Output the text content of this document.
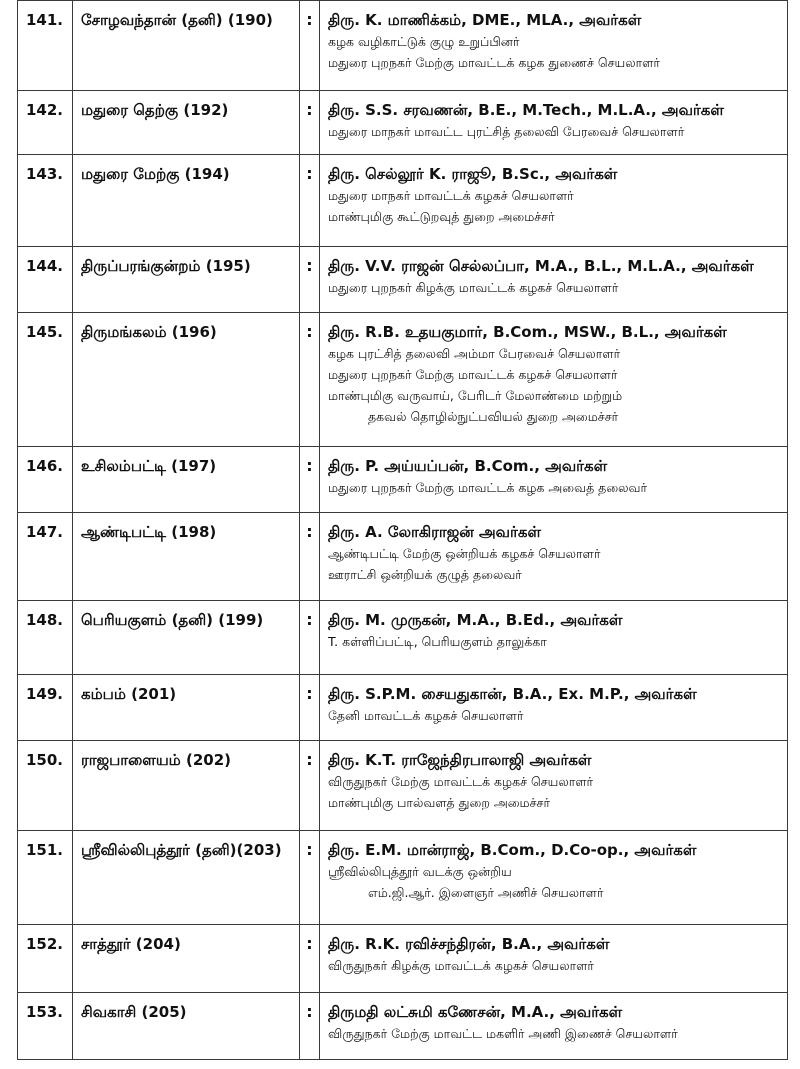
141.	சோழவந்தான் (தனி) (190)	:	திரு. K. மாணிக்கம், DME., MLA., அவர்கள்
கழக வழிகாட்டுக் குழு உறுப்பினர்
மதுரை புறநகர் மேற்கு மாவட்டக் கழக துணைச் செயலாளர்

142.	மதுரை தெற்கு (192)	:	திரு. S.S. சரவணன், B.E., M.Tech., M.L.A., அவர்கள்
மதுரை மாநகர் மாவட்ட புரட்சித் தலைவி பேரவைச் செயலாளர்

143.	மதுரை மேற்கு (194)	:	திரு. செல்லூர் K. ராஜூ, B.Sc., அவர்கள்
மதுரை மாநகர் மாவட்டக் கழகச் செயலாளர்
மாண்புமிகு கூட்டுறவுத் துறை அமைச்சர்

144.	திருப்பரங்குன்றம் (195)	:	திரு. V.V. ராஜன் செல்லப்பா, M.A., B.L., M.L.A., அவர்கள்
மதுரை புறநகர் கிழக்கு மாவட்டக் கழகச் செயலாளர்

145.	திருமங்கலம் (196)	:	திரு. R.B. உதயகுமார், B.Com., MSW., B.L., அவர்கள்
கழக புரட்சித் தலைவி அம்மா பேரவைச் செயலாளர்
மதுரை புறநகர் மேற்கு மாவட்டக் கழகச் செயலாளர்
மாண்புமிகு வருவாய், பேரிடர் மேலாண்மை மற்றும்
தகவல் தொழில்நுட்பவியல் துறை அமைச்சர்

146.	உசிலம்பட்டி (197)	:	திரு. P. அய்யப்பன், B.Com., அவர்கள்
மதுரை புறநகர் மேற்கு மாவட்டக் கழக அவைத் தலைவர்

147.	ஆண்டிபட்டி (198)	:	திரு. A. லோகிராஜன் அவர்கள்
ஆண்டிபட்டி மேற்கு ஒன்றியக் கழகச் செயலாளர்
ஊராட்சி ஒன்றியக் குழுத் தலைவர்

148.	பெரியகுளம் (தனி) (199)	:	திரு. M. முருகன், M.A., B.Ed., அவர்கள்
T. கள்ளிப்பட்டி, பெரியகுளம் தாலுக்கா

149.	கம்பம் (201)	:	திரு. S.P.M. சையதுகான், B.A., Ex. M.P., அவர்கள்
தேனி மாவட்டக் கழகச் செயலாளர்

150.	ராஜபாளையம் (202)	:	திரு. K.T. ராஜேந்திரபாலாஜி அவர்கள்
விருதுநகர் மேற்கு மாவட்டக் கழகச் செயலாளர்
மாண்புமிகு பால்வளத் துறை அமைச்சர்

151.	ஸ்ரீவில்லிபுத்தூர் (தனி)(203)	:	திரு. E.M. மான்ராஜ், B.Com., D.Co-op., அவர்கள்
ஸ்ரீவில்லிபுத்தூர் வடக்கு ஒன்றிய
எம்.ஜி.ஆர். இளைஞர் அணிச் செயலாளர்

152.	சாத்தூர் (204)	:	திரு. R.K. ரவிச்சந்திரன், B.A., அவர்கள்
விருதுநகர் கிழக்கு மாவட்டக் கழகச் செயலாளர்

153.	சிவகாசி (205)	:	திருமதி லட்சுமி கணேசன், M.A., அவர்கள்
விருதுநகர் மேற்கு மாவட்ட மகளிர் அணி இணைச் செயலாளர்
